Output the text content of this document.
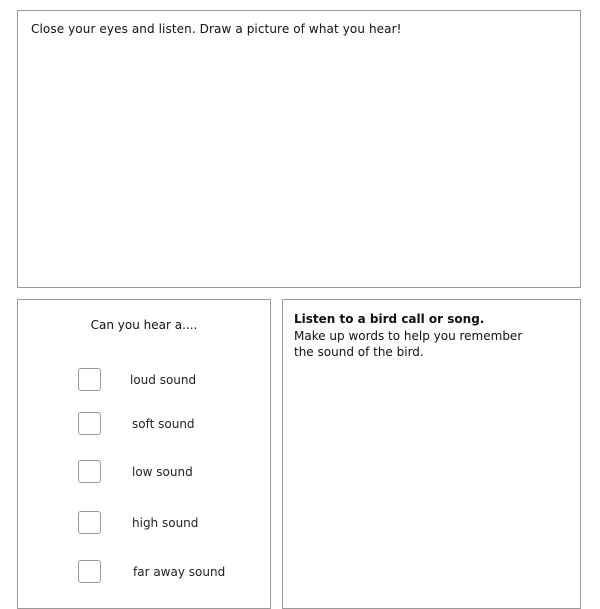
Close your eyes and listen. Draw a picture of what you hear!
Can you hear a....
loud sound
soft sound
low sound
high sound
far away sound
Listen to a bird call or song.
Make up words to help you remember
the sound of the bird.
